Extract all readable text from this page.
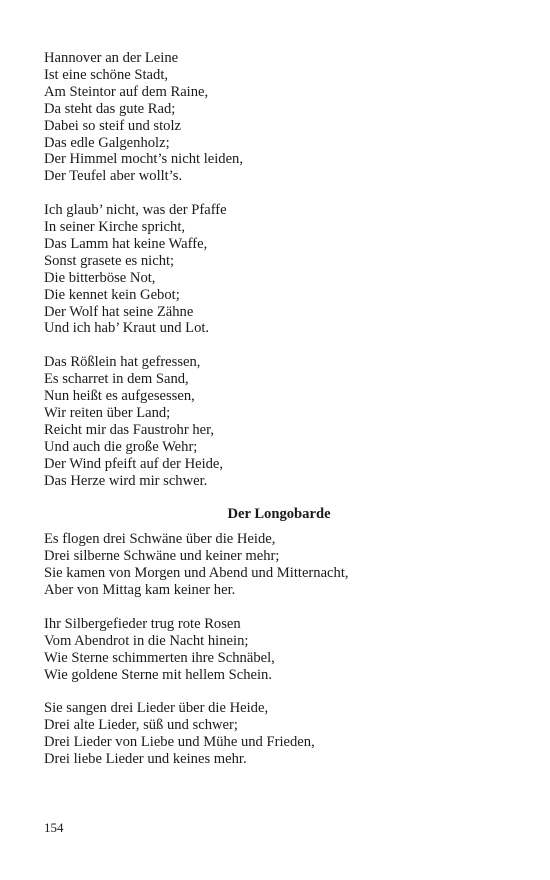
Hannover an der Leine
Ist eine schöne Stadt,
Am Steintor auf dem Raine,
Da steht das gute Rad;
Dabei so steif und stolz
Das edle Galgenholz;
Der Himmel mocht’s nicht leiden,
Der Teufel aber wollt’s.
Ich glaub’ nicht, was der Pfaffe
In seiner Kirche spricht,
Das Lamm hat keine Waffe,
Sonst grasete es nicht;
Die bitterböse Not,
Die kennet kein Gebot;
Der Wolf hat seine Zähne
Und ich hab’ Kraut und Lot.
Das Rößlein hat gefressen,
Es scharret in dem Sand,
Nun heißt es aufgesessen,
Wir reiten über Land;
Reicht mir das Faustrohr her,
Und auch die große Wehr;
Der Wind pfeift auf der Heide,
Das Herze wird mir schwer.
Der Longobarde
Es flogen drei Schwäne über die Heide,
Drei silberne Schwäne und keiner mehr;
Sie kamen von Morgen und Abend und Mitternacht,
Aber von Mittag kam keiner her.
Ihr Silbergefieder trug rote Rosen
Vom Abendrot in die Nacht hinein;
Wie Sterne schimmerten ihre Schnäbel,
Wie goldene Sterne mit hellem Schein.
Sie sangen drei Lieder über die Heide,
Drei alte Lieder, süß und schwer;
Drei Lieder von Liebe und Mühe und Frieden,
Drei liebe Lieder und keines mehr.
154
